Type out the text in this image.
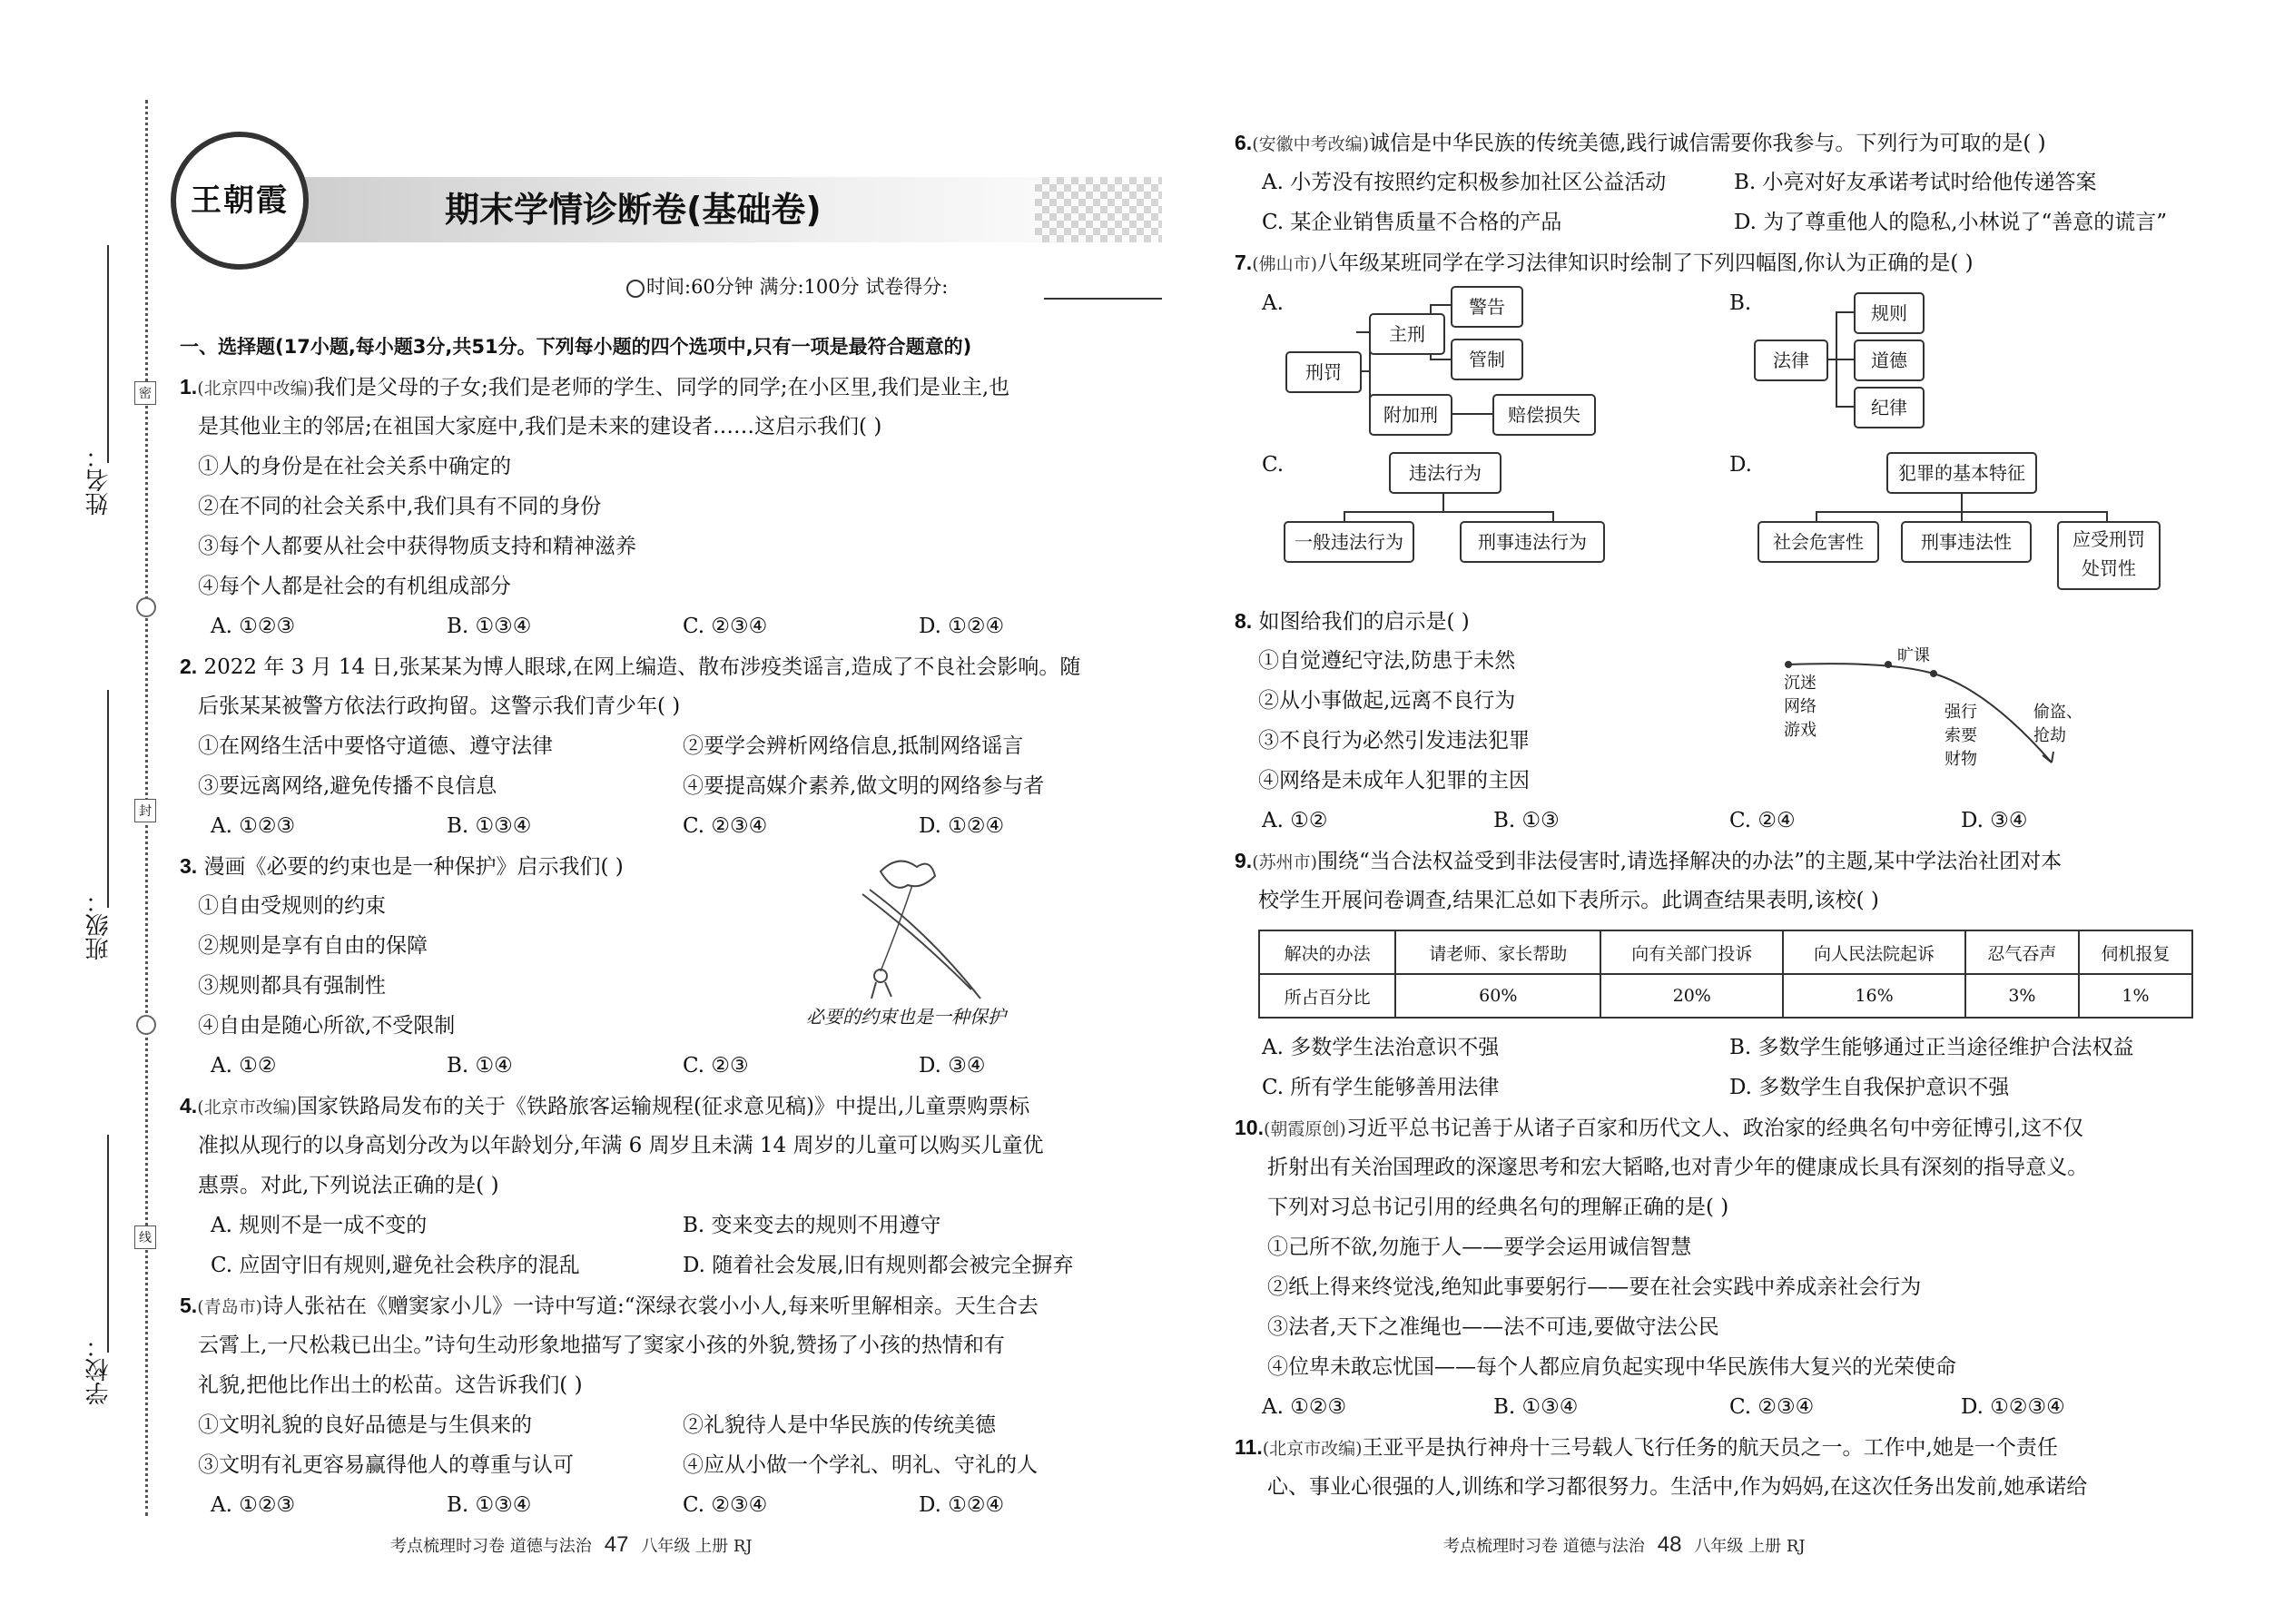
姓名：
班级：
学校：
密
封
线
王朝霞	期末学情诊断卷(基础卷)
时间:60分钟 满分:100分 试卷得分:
一、选择题(17小题,每小题3分,共51分。下列每小题的四个选项中,只有一项是最符合题意的)
1.(北京四中改编)我们是父母的子女;我们是老师的学生、同学的同学;在小区里,我们是业主,也
是其他业主的邻居;在祖国大家庭中,我们是未来的建设者……这启示我们( )
①人的身份是在社会关系中确定的
②在不同的社会关系中,我们具有不同的身份
③每个人都要从社会中获得物质支持和精神滋养
④每个人都是社会的有机组成部分
A. ①②③	B. ①③④	C. ②③④	D. ①②④
2. 2022 年 3 月 14 日,张某某为博人眼球,在网上编造、散布涉疫类谣言,造成了不良社会影响。随
后张某某被警方依法行政拘留。这警示我们青少年( )
①在网络生活中要恪守道德、遵守法律	②要学会辨析网络信息,抵制网络谣言
③要远离网络,避免传播不良信息	④要提高媒介素养,做文明的网络参与者
A. ①②③	B. ①③④	C. ②③④	D. ①②④
3. 漫画《必要的约束也是一种保护》启示我们( )
①自由受规则的约束
②规则是享有自由的保障
③规则都具有强制性
④自由是随心所欲,不受限制	必要的约束也是一种保护
A. ①②	B. ①④	C. ②③	D. ③④
4.(北京市改编)国家铁路局发布的关于《铁路旅客运输规程(征求意见稿)》中提出,儿童票购票标
准拟从现行的以身高划分改为以年龄划分,年满 6 周岁且未满 14 周岁的儿童可以购买儿童优
惠票。对此,下列说法正确的是( )
A. 规则不是一成不变的	B. 变来变去的规则不用遵守
C. 应固守旧有规则,避免社会秩序的混乱	D. 随着社会发展,旧有规则都会被完全摒弃
5.(青岛市)诗人张祜在《赠窦家小儿》一诗中写道:“深绿衣裳小小人,每来听里解相亲。天生合去
云霄上,一尺松栽已出尘。”诗句生动形象地描写了窦家小孩的外貌,赞扬了小孩的热情和有
礼貌,把他比作出土的松苗。这告诉我们( )
①文明礼貌的良好品德是与生俱来的	②礼貌待人是中华民族的传统美德
③文明有礼更容易赢得他人的尊重与认可	④应从小做一个学礼、明礼、守礼的人
A. ①②③	B. ①③④	C. ②③④	D. ①②④
考点梳理时习卷 道德与法治 47 八年级 上册 RJ
6.(安徽中考改编)诚信是中华民族的传统美德,践行诚信需要你我参与。下列行为可取的是( )
A. 小芳没有按照约定积极参加社区公益活动	B. 小亮对好友承诺考试时给他传递答案
C. 某企业销售质量不合格的产品	D. 为了尊重他人的隐私,小林说了“善意的谎言”
7.(佛山市)八年级某班同学在学习法律知识时绘制了下列四幅图,你认为正确的是( )
A.	B.
C.	D.
刑罚
主刑
附加刑
警告
管制
赔偿损失
法律
规则
道德
纪律
违法行为
一般违法行为	刑事违法行为
犯罪的基本特征
社会危害性	刑事违法性	应受刑罚
处罚性
8. 如图给我们的启示是( )
①自觉遵纪守法,防患于未然
②从小事做起,远离不良行为
③不良行为必然引发违法犯罪
④网络是未成年人犯罪的主因
沉迷
网络
游戏
旷课
强行
索要
财物
偷盗、
抢劫
A. ①②	B. ①③	C. ②④	D. ③④
9.(苏州市)围绕“当合法权益受到非法侵害时,请选择解决的办法”的主题,某中学法治社团对本
校学生开展问卷调查,结果汇总如下表所示。此调查结果表明,该校( )
解决的办法	请老师、家长帮助	向有关部门投诉	向人民法院起诉	忍气吞声	伺机报复
所占百分比	60%	20%	16%	3%	1%
A. 多数学生法治意识不强	B. 多数学生能够通过正当途径维护合法权益
C. 所有学生能够善用法律	D. 多数学生自我保护意识不强
10.(朝霞原创)习近平总书记善于从诸子百家和历代文人、政治家的经典名句中旁征博引,这不仅
折射出有关治国理政的深邃思考和宏大韬略,也对青少年的健康成长具有深刻的指导意义。
下列对习总书记引用的经典名句的理解正确的是( )
①己所不欲,勿施于人——要学会运用诚信智慧
②纸上得来终觉浅,绝知此事要躬行——要在社会实践中养成亲社会行为
③法者,天下之准绳也——法不可违,要做守法公民
④位卑未敢忘忧国——每个人都应肩负起实现中华民族伟大复兴的光荣使命
A. ①②③	B. ①③④	C. ②③④	D. ①②③④
11.(北京市改编)王亚平是执行神舟十三号载人飞行任务的航天员之一。工作中,她是一个责任
心、事业心很强的人,训练和学习都很努力。生活中,作为妈妈,在这次任务出发前,她承诺给
考点梳理时习卷 道德与法治 48 八年级 上册 RJ
